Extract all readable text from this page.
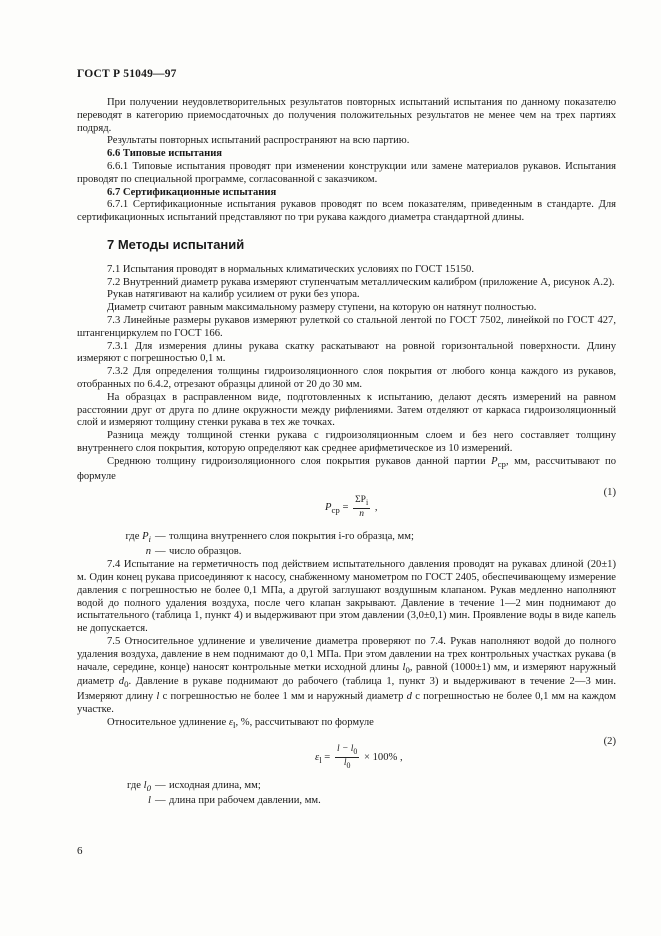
ГОСТ Р 51049—97

При получении неудовлетворительных результатов повторных испытаний испытания по данному показателю переводят в категорию приемосдаточных до получения положительных результатов не менее чем на трех партиях подряд.

Результаты повторных испытаний распространяют на всю партию.

6.6 Типовые испытания

6.6.1 Типовые испытания проводят при изменении конструкции или замене материалов рукавов. Испытания проводят по специальной программе, согласованной с заказчиком.

6.7 Сертификационные испытания

6.7.1 Сертификационные испытания рукавов проводят по всем показателям, приведенным в стандарте. Для сертификационных испытаний представляют по три рукава каждого диаметра стандартной длины.

7 Методы испытаний

7.1 Испытания проводят в нормальных климатических условиях по ГОСТ 15150.

7.2 Внутренний диаметр рукава измеряют ступенчатым металлическим калибром (приложение А, рисунок А.2).

Рукав натягивают на калибр усилием от руки без упора.

Диаметр считают равным максимальному размеру ступени, на которую он натянут полностью.

7.3 Линейные размеры рукавов измеряют рулеткой со стальной лентой по ГОСТ 7502, линейкой по ГОСТ 427, штангенциркулем по ГОСТ 166.

7.3.1 Для измерения длины рукава скатку раскатывают на ровной горизонтальной поверхности. Длину измеряют с погрешностью 0,1 м.

7.3.2 Для определения толщины гидроизоляционного слоя покрытия от любого конца каждого из рукавов, отобранных по 6.4.2, отрезают образцы длиной от 20 до 30 мм.

На образцах в расправленном виде, подготовленных к испытанию, делают десять измерений на равном расстоянии друг от друга по длине окружности между рифлениями. Затем отделяют от каркаса гидроизоляционный слой и измеряют толщину стенки рукава в тех же точках.

Разница между толщиной стенки рукава с гидроизоляционным слоем и без него составляет толщину внутреннего слоя покрытия, которую определяют как среднее арифметическое из 10 измерений.

Среднюю толщину гидроизоляционного слоя покрытия рукавов данной партии $P_{ср}$, мм, рассчитывают по формуле

$P_{ср} = \frac{\Sigma P_i}{n}$ ,
(1)
где $P_i$ — толщина внутреннего слоя покрытия i-го образца, мм;
n — число образцов.

7.4 Испытание на герметичность под действием испытательного давления проводят на рукавах длиной (20±1) м. Один конец рукава присоединяют к насосу, снабженному манометром по ГОСТ 2405, обеспечивающему измерение давления с погрешностью не более 0,1 МПа, а другой заглушают воздушным клапаном. Рукав медленно наполняют водой до полного удаления воздуха, после чего клапан закрывают. Давление в течение 1—2 мин поднимают до испытательного (таблица 1, пункт 4) и выдерживают при этом давлении (3,0±0,1) мин. Проявление воды в виде капель не допускается.

7.5 Относительное удлинение и увеличение диаметра проверяют по 7.4. Рукав наполняют водой до полного удаления воздуха, давление в нем поднимают до 0,1 МПа. При этом давлении на трех контрольных участках рукава (в начале, середине, конце) наносят контрольные метки исходной длины $l_0$, равной (1000±1) мм, и измеряют наружный диаметр $d_0$. Давление в рукаве поднимают до рабочего (таблица 1, пункт 3) и выдерживают в течение 2—3 мин. Измеряют длину l с погрешностью не более 1 мм и наружный диаметр d с погрешностью не более 0,1 мм на каждом участке.

Относительное удлинение $\varepsilon_l$, %, рассчитывают по формуле

$\varepsilon_l = \frac{l - l_0}{l_0} \times 100\%$ ,
(2)
где $l_0$ — исходная длина, мм;
l — длина при рабочем давлении, мм.
6
